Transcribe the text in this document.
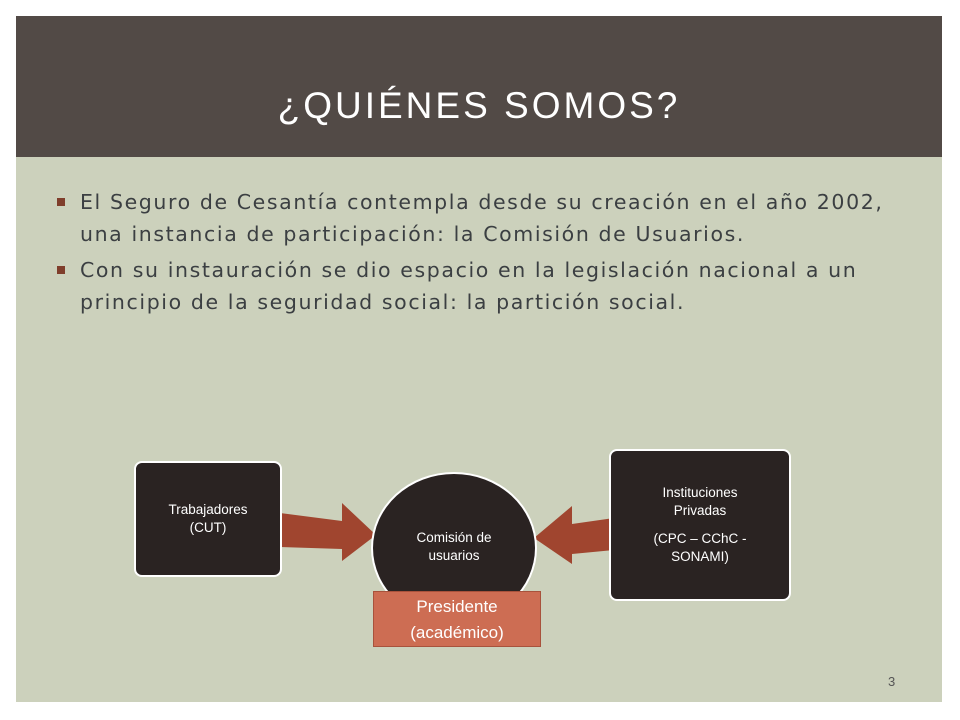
¿QUIÉNES SOMOS?
El Seguro de Cesantía contempla desde su creación en el año 2002, una instancia de participación: la Comisión de Usuarios.
Con su instauración se dio espacio en la legislación nacional a un principio de la seguridad social: la partición social.
Trabajadores
(CUT)
Comisión de
usuarios
Instituciones
Privadas
(CPC – CChC -
SONAMI)
Presidente
(académico)
3
